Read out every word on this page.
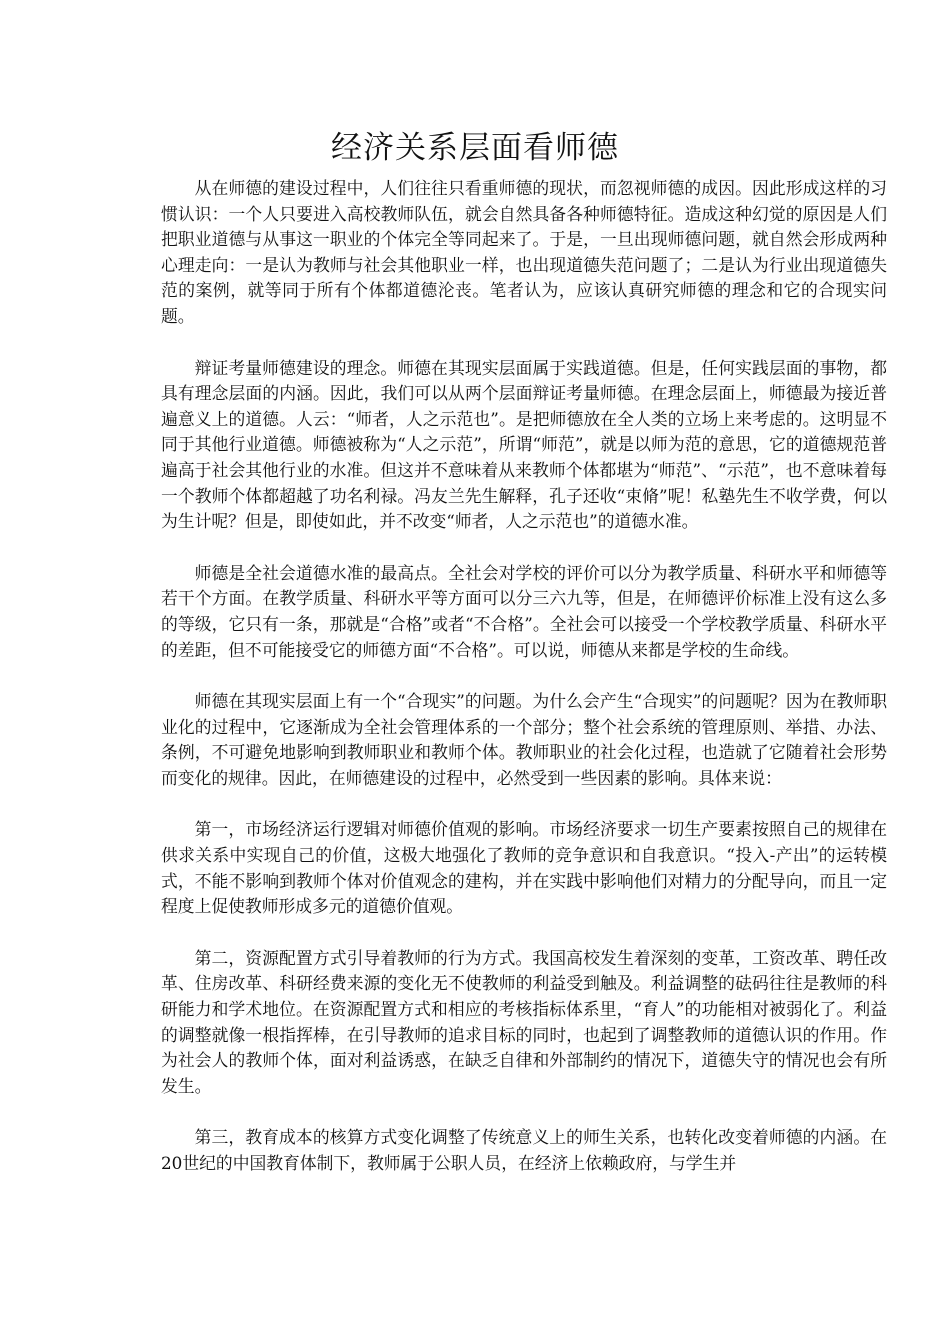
经济关系层面看师德

从在师德的建设过程中，人们往往只看重师德的现状，而忽视师德的成因。因此形成这样的习惯认识：一个人只要进入高校教师队伍，就会自然具备各种师德特征。造成这种幻觉的原因是人们把职业道德与从事这一职业的个体完全等同起来了。于是，一旦出现师德问题，就自然会形成两种心理走向：一是认为教师与社会其他职业一样，也出现道德失范问题了；二是认为行业出现道德失范的案例，就等同于所有个体都道德沦丧。笔者认为，应该认真研究师德的理念和它的合现实问题。

辩证考量师德建设的理念。师德在其现实层面属于实践道德。但是，任何实践层面的事物，都具有理念层面的内涵。因此，我们可以从两个层面辩证考量师德。在理念层面上，师德最为接近普遍意义上的道德。人云：“师者，人之示范也”。是把师德放在全人类的立场上来考虑的。这明显不同于其他行业道德。师德被称为“人之示范”，所谓“师范”，就是以师为范的意思，它的道德规范普遍高于社会其他行业的水准。但这并不意味着从来教师个体都堪为“师范”、“示范”，也不意味着每一个教师个体都超越了功名利禄。冯友兰先生解释，孔子还收“束脩”呢！私塾先生不收学费，何以为生计呢？但是，即使如此，并不改变“师者，人之示范也”的道德水准。

师德是全社会道德水准的最高点。全社会对学校的评价可以分为教学质量、科研水平和师德等若干个方面。在教学质量、科研水平等方面可以分三六九等，但是，在师德评价标准上没有这么多的等级，它只有一条，那就是“合格”或者“不合格”。全社会可以接受一个学校教学质量、科研水平的差距，但不可能接受它的师德方面“不合格”。可以说，师德从来都是学校的生命线。

师德在其现实层面上有一个“合现实”的问题。为什么会产生“合现实”的问题呢？因为在教师职业化的过程中，它逐渐成为全社会管理体系的一个部分；整个社会系统的管理原则、举措、办法、条例，不可避免地影响到教师职业和教师个体。教师职业的社会化过程，也造就了它随着社会形势而变化的规律。因此，在师德建设的过程中，必然受到一些因素的影响。具体来说：

第一，市场经济运行逻辑对师德价值观的影响。市场经济要求一切生产要素按照自己的规律在供求关系中实现自己的价值，这极大地强化了教师的竞争意识和自我意识。“投入-产出”的运转模式，不能不影响到教师个体对价值观念的建构，并在实践中影响他们对精力的分配导向，而且一定程度上促使教师形成多元的道德价值观。

第二，资源配置方式引导着教师的行为方式。我国高校发生着深刻的变革，工资改革、聘任改革、住房改革、科研经费来源的变化无不使教师的利益受到触及。利益调整的砝码往往是教师的科研能力和学术地位。在资源配置方式和相应的考核指标体系里，“育人”的功能相对被弱化了。利益的调整就像一根指挥棒，在引导教师的追求目标的同时，也起到了调整教师的道德认识的作用。作为社会人的教师个体，面对利益诱惑，在缺乏自律和外部制约的情况下，道德失守的情况也会有所发生。

第三，教育成本的核算方式变化调整了传统意义上的师生关系，也转化改变着师德的内涵。在20世纪的中国教育体制下，教师属于公职人员，在经济上依赖政府，与学生并
